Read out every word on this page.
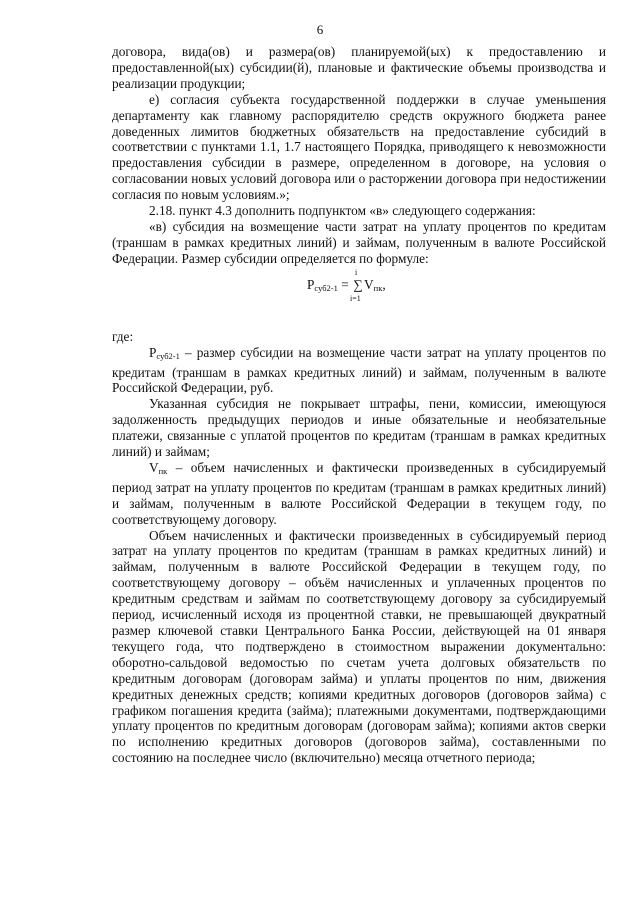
6

договора, вида(ов) и размера(ов) планируемой(ых) к предоставлению и предоставленной(ых) субсидии(й), плановые и фактические объемы производства и реализации продукции;

е) согласия субъекта государственной поддержки в случае уменьшения департаменту как главному распорядителю средств окружного бюджета ранее доведенных лимитов бюджетных обязательств на предоставление субсидий в соответствии с пунктами 1.1, 1.7 настоящего Порядка, приводящего к невозможности предоставления субсидии в размере, определенном в договоре, на условия о согласовании новых условий договора или о расторжении договора при недостижении согласия по новым условиям.»;

2.18. пункт 4.3 дополнить подпунктом «в» следующего содержания:

«в) субсидия на возмещение части затрат на уплату процентов по кредитам (траншам в рамках кредитных линий) и займам, полученным в валюте Российской Федерации. Размер субсидии определяется по формуле:

$Р_{суб2-1}$ =
i
∑
i=1
$V_{пк}$,

где:

$Р_{суб2-1}$ – размер субсидии на возмещение части затрат на уплату процентов по кредитам (траншам в рамках кредитных линий) и займам, полученным в валюте Российской Федерации, руб.

Указанная субсидия не покрывает штрафы, пени, комиссии, имеющуюся задолженность предыдущих периодов и иные обязательные и необязательные платежи, связанные с уплатой процентов по кредитам (траншам в рамках кредитных линий) и займам;

$V_{пк}$ – объем начисленных и фактически произведенных в субсидируемый период затрат на уплату процентов по кредитам (траншам в рамках кредитных линий) и займам, полученным в валюте Российской Федерации в текущем году, по соответствующему договору.

Объем начисленных и фактически произведенных в субсидируемый период затрат на уплату процентов по кредитам (траншам в рамках кредитных линий) и займам, полученным в валюте Российской Федерации в текущем году, по соответствующему договору – объём начисленных и уплаченных процентов по кредитным средствам и займам по соответствующему договору за субсидируемый период, исчисленный исходя из процентной ставки, не превышающей двукратный размер ключевой ставки Центрального Банка России, действующей на 01 января текущего года, что подтверждено в стоимостном выражении документально: оборотно-сальдовой ведомостью по счетам учета долговых обязательств по кредитным договорам (договорам займа) и уплаты процентов по ним, движения кредитных денежных средств; копиями кредитных договоров (договоров займа) с графиком погашения кредита (займа); платежными документами, подтверждающими уплату процентов по кредитным договорам (договорам займа); копиями актов сверки по исполнению кредитных договоров (договоров займа), составленными по состоянию на последнее число (включительно) месяца отчетного периода;
